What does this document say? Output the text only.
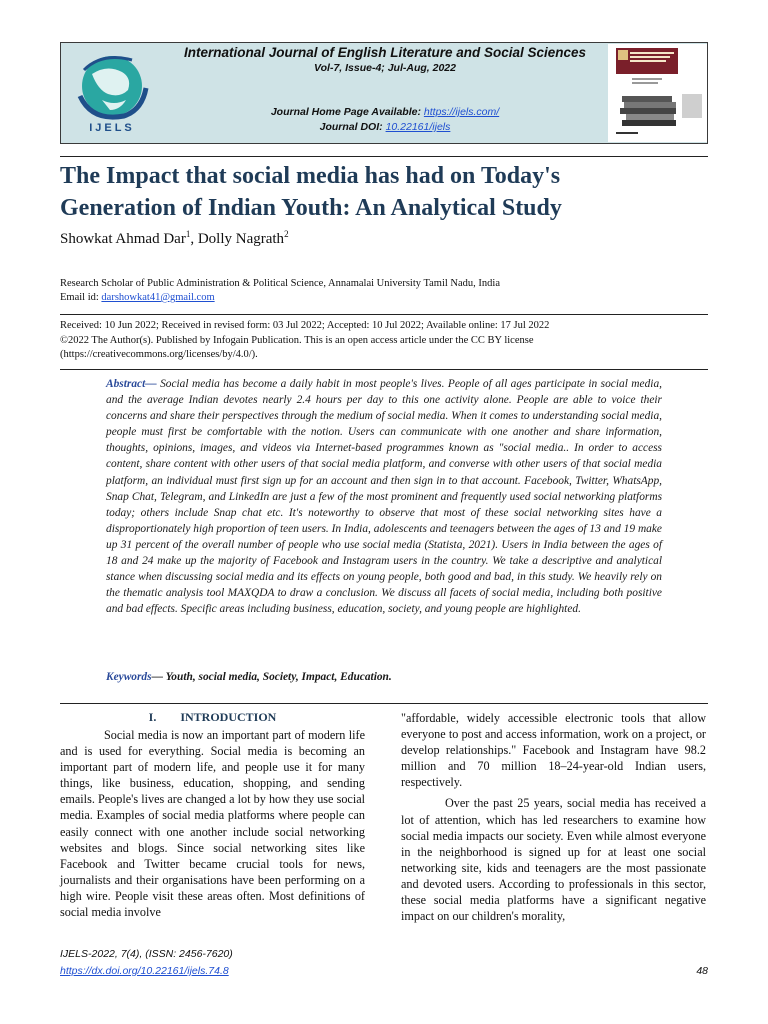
IJELS
International Journal of English Literature and Social Sciences
Vol-7, Issue-4; Jul-Aug, 2022
Journal Home Page Available: https://ijels.com/
Journal DOI: 10.22161/ijels
The Impact that social media has had on Today's
Generation of Indian Youth: An Analytical Study
Showkat Ahmad Dar$^1$, Dolly Nagrath$^2$
Research Scholar of Public Administration & Political Science, Annamalai University Tamil Nadu, India
Email id: darshowkat41@gmail.com
Received: 10 Jun 2022; Received in revised form: 03 Jul 2022; Accepted: 10 Jul 2022; Available online: 17 Jul 2022
©2022 The Author(s). Published by Infogain Publication. This is an open access article under the CC BY license
(https://creativecommons.org/licenses/by/4.0/).
Abstract— Social media has become a daily habit in most people's lives. People of all ages participate in social media, and the average Indian devotes nearly 2.4 hours per day to this one activity alone. People are able to voice their concerns and share their perspectives through the medium of social media. When it comes to understanding social media, people must first be comfortable with the notion. Users can communicate with one another and share information, thoughts, opinions, images, and videos via Internet-based programmes known as "social media.. In order to access content, share content with other users of that social media platform, and converse with other users of that social media platform, an individual must first sign up for an account and then sign in to that account. Facebook, Twitter, WhatsApp, Snap Chat, Telegram, and LinkedIn are just a few of the most prominent and frequently used social networking platforms today; others include Snap chat etc. It's noteworthy to observe that most of these social networking sites have a disproportionately high proportion of teen users. In India, adolescents and teenagers between the ages of 13 and 19 make up 31 percent of the overall number of people who use social media (Statista, 2021). Users in India between the ages of 18 and 24 make up the majority of Facebook and Instagram users in the country. We take a descriptive and analytical stance when discussing social media and its effects on young people, both good and bad, in this study. We heavily rely on the thematic analysis tool MAXQDA to draw a conclusion. We discuss all facets of social media, including both positive and bad effects. Specific areas including business, education, society, and young people are highlighted.
Keywords— Youth, social media, Society, Impact, Education.
I. INTRODUCTION

Social media is now an important part of modern life and is used for everything. Social media is becoming an important part of modern life, and people use it for many things, like business, education, shopping, and sending emails. People's lives are changed a lot by how they use social media. Examples of social media platforms where people can easily connect with one another include social networking websites and blogs. Since social networking sites like Facebook and Twitter became crucial tools for news, journalists and their organisations have been performing on a high wire. People visit these areas often. Most definitions of social media involve

"affordable, widely accessible electronic tools that allow everyone to post and access information, work on a project, or develop relationships." Facebook and Instagram have 98.2 million and 70 million 18–24-year-old Indian users, respectively.

Over the past 25 years, social media has received a lot of attention, which has led researchers to examine how social media impacts our society. Even while almost everyone in the neighborhood is signed up for at least one social networking site, kids and teenagers are the most passionate and devoted users. According to professionals in this sector, these social media platforms have a significant negative impact on our children's morality,

IJELS-2022, 7(4), (ISSN: 2456-7620)
https://dx.doi.org/10.22161/ijels.74.8	48
